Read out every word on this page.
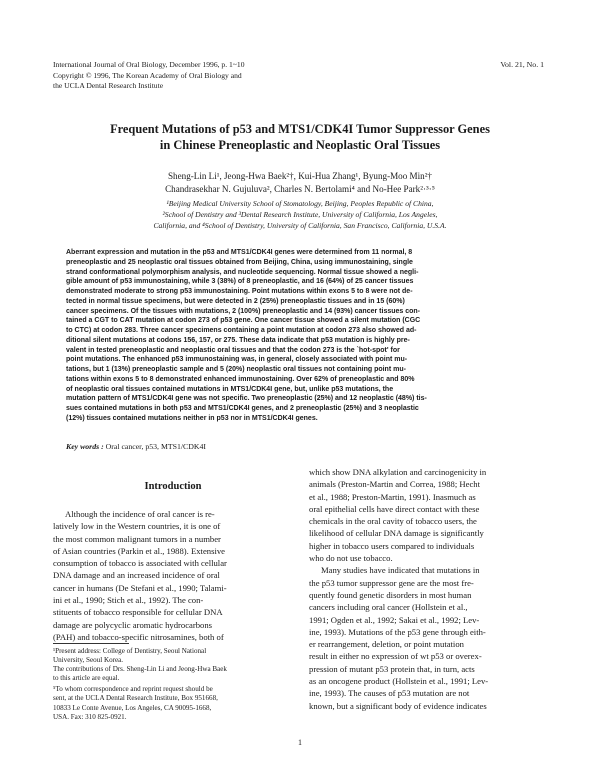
International Journal of Oral Biology, December 1996, p. 1~10
Copyright © 1996, The Korean Academy of Oral Biology and
the UCLA Dental Research Institute
Vol. 21, No. 1
Frequent Mutations of p53 and MTS1/CDK4I Tumor Suppressor Genes
in Chinese Preneoplastic and Neoplastic Oral Tissues
Sheng-Lin Li¹, Jeong-Hwa Baek²†, Kui-Hua Zhang¹, Byung-Moo Min²†
Chandrasekhar N. Gujuluva², Charles N. Bertolami⁴ and No-Hee Park²·³·⁵
¹Beijing Medical University School of Stomatology, Beijing, Peoples Republic of China,
²School of Dentistry and ³Dental Research Institute, University of California, Los Angeles,
California, and ⁴School of Dentistry, University of California, San Francisco, California, U.S.A.
Aberrant expression and mutation in the p53 and MTS1/CDK4I genes were determined from 11 normal, 8
preneoplastic and 25 neoplastic oral tissues obtained from Beijing, China, using immunostaining, single
strand conformational polymorphism analysis, and nucleotide sequencing. Normal tissue showed a negli-
gible amount of p53 immunostaining, while 3 (38%) of 8 preneoplastic, and 16 (64%) of 25 cancer tissues
demonstrated moderate to strong p53 immunostaining. Point mutations within exons 5 to 8 were not de-
tected in normal tissue specimens, but were detected in 2 (25%) preneoplastic tissues and in 15 (60%)
cancer specimens. Of the tissues with mutations, 2 (100%) preneoplastic and 14 (93%) cancer tissues con-
tained a CGT to CAT mutation at codon 273 of p53 gene. One cancer tissue showed a silent mutation (CGC
to CTC) at codon 283. Three cancer specimens containing a point mutation at codon 273 also showed ad-
ditional silent mutations at codons 156, 157, or 275. These data indicate that p53 mutation is highly pre-
valent in tested preneoplastic and neoplastic oral tissues and that the codon 273 is the `hot-spot' for
point mutations. The enhanced p53 immunostaining was, in general, closely associated with point mu-
tations, but 1 (13%) preneoplastic sample and 5 (20%) neoplastic oral tissues not containing point mu-
tations within exons 5 to 8 demonstrated enhanced immunostaining. Over 62% of preneoplastic and 80%
of neoplastic oral tissues contained mutations in MTS1/CDK4I gene, but, unlike p53 mutations, the
mutation pattern of MTS1/CDK4I gene was not specific. Two preneoplastic (25%) and 12 neoplastic (48%) tis-
sues contained mutations in both p53 and MTS1/CDK4I genes, and 2 preneoplastic (25%) and 3 neoplastic
(12%) tissues contained mutations neither in p53 nor in MTS1/CDK4I genes.
Key words : Oral cancer, p53, MTS1/CDK4I
Introduction
Although the incidence of oral cancer is re-
latively low in the Western countries, it is one of
the most common malignant tumors in a number
of Asian countries (Parkin et al., 1988). Extensive
consumption of tobacco is associated with cellular
DNA damage and an increased incidence of oral
cancer in humans (De Stefani et al., 1990; Talami-
ini et al., 1990; Stich et al., 1992). The con-
stituents of tobacco responsible for cellular DNA
damage are polycyclic aromatic hydrocarbons
(PAH) and tobacco-specific nitrosamines, both of
which show DNA alkylation and carcinogenicity in
animals (Preston-Martin and Correa, 1988; Hecht
et al., 1988; Preston-Martin, 1991). Inasmuch as
oral epithelial cells have direct contact with these
chemicals in the oral cavity of tobacco users, the
likelihood of cellular DNA damage is significantly
higher in tobacco users compared to individuals
who do not use tobacco.
Many studies have indicated that mutations in
the p53 tumor suppressor gene are the most fre-
quently found genetic disorders in most human
cancers including oral cancer (Hollstein et al.,
1991; Ogden et al., 1992; Sakai et al., 1992; Lev-
ine, 1993). Mutations of the p53 gene through eith-
er rearrangement, deletion, or point mutation
result in either no expression of wt p53 or overex-
pression of mutant p53 protein that, in turn, acts
as an oncogene product (Hollstein et al., 1991; Lev-
ine, 1993). The causes of p53 mutation are not
known, but a significant body of evidence indicates
¹Present address: College of Dentistry, Seoul National
University, Seoul Korea.
The contributions of Drs. Sheng-Lin Li and Jeong-Hwa Baek
to this article are equal.
⁵To whom correspondence and reprint request should be
sent, at the UCLA Dental Research Institute, Box 951668,
10833 Le Conte Avenue, Los Angeles, CA 90095-1668,
USA. Fax: 310 825-0921.
1
